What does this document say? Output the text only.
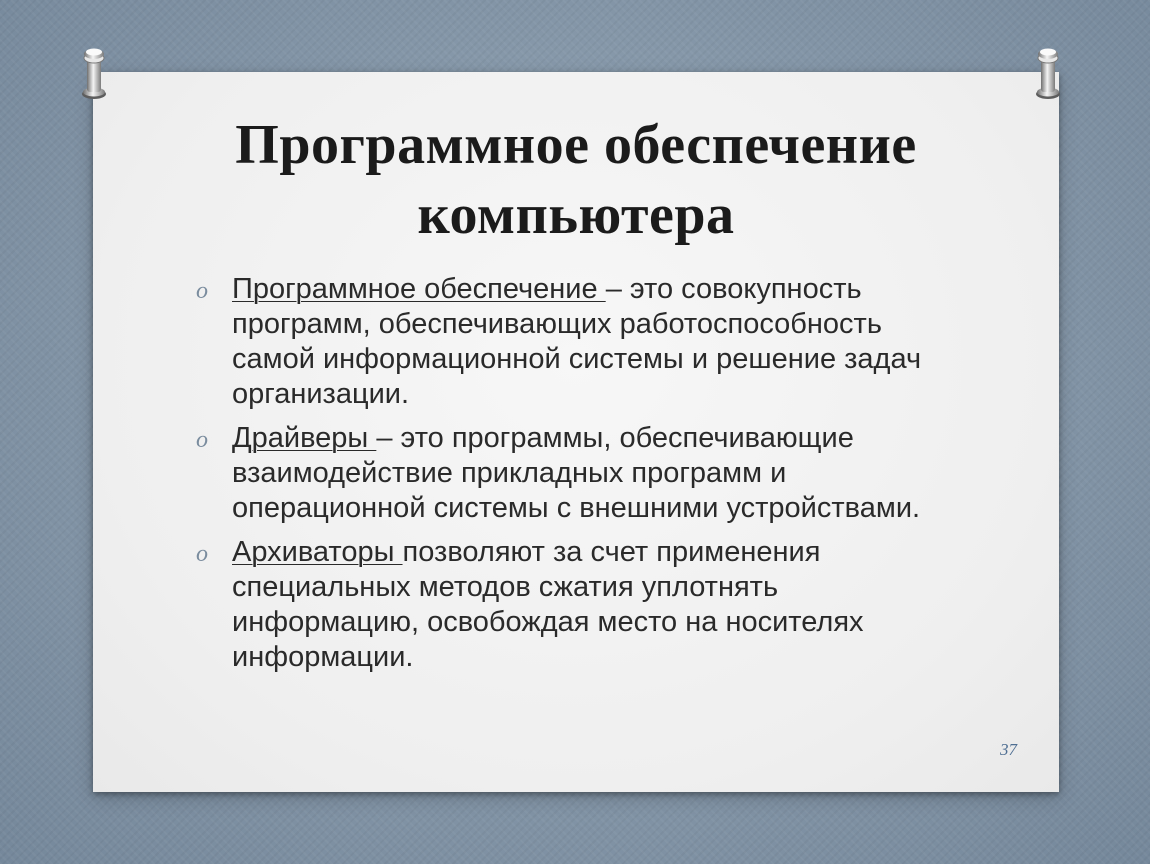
Программное обеспечение
компьютера
o Программное обеспечение – это совокупность программ, обеспечивающих работоспособность самой информационной системы и решение задач организации.
o Драйверы – это программы, обеспечивающие взаимодействие прикладных программ и операционной системы с внешними устройствами.
o Архиваторы позволяют за счет применения специальных методов сжатия уплотнять информацию, освобождая место на носителях информации.
37
